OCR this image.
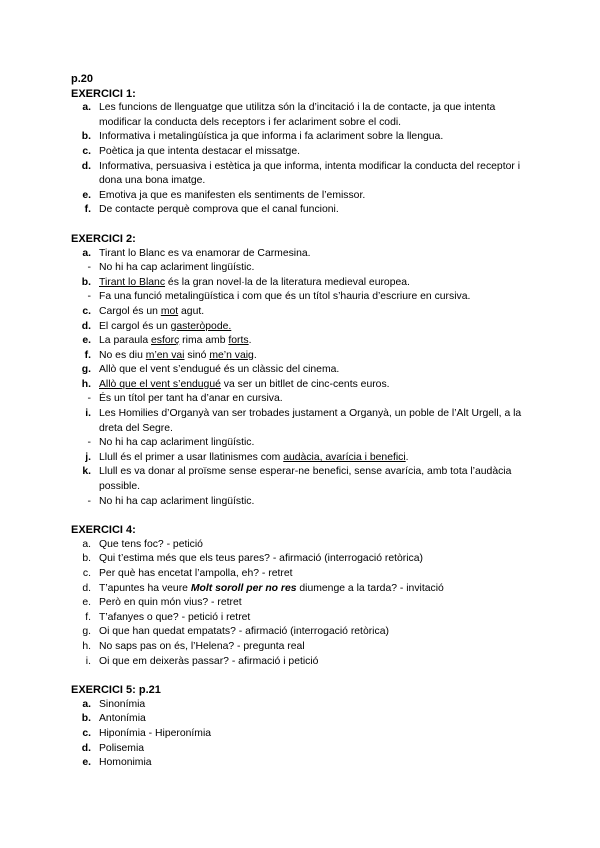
p.20
EXERCICI 1:
a. Les funcions de llenguatge que utilitza són la d’incitació i la de contacte, ja que intenta modificar la conducta dels receptors i fer aclariment sobre el codi.
b. Informativa i metalingüística ja que informa i fa aclariment sobre la llengua.
c. Poètica ja que intenta destacar el missatge.
d. Informativa, persuasiva i estètica ja que informa, intenta modificar la conducta del receptor i dona una bona imatge.
e. Emotiva ja que es manifesten els sentiments de l’emissor.
f. De contacte perquè comprova que el canal funcioni.
EXERCICI 2:
a. Tirant lo Blanc es va enamorar de Carmesina.
- No hi ha cap aclariment lingüístic.
b. Tirant lo Blanc és la gran novel·la de la literatura medieval europea.
- Fa una funció metalingüística i com que és un títol s’hauria d’escriure en cursiva.
c. Cargol és un mot agut.
d. El cargol és un gasteròpode.
e. La paraula esforç rima amb forts.
f. No es diu m’en vai sinó me’n vaig.
g. Allò que el vent s’endugué és un clàssic del cinema.
h. Allò que el vent s’endugué va ser un bitllet de cinc-cents euros.
- És un títol per tant ha d’anar en cursiva.
i. Les Homilies d’Organyà van ser trobades justament a Organyà, un poble de l’Alt Urgell, a la dreta del Segre.
- No hi ha cap aclariment lingüístic.
j. Llull és el primer a usar llatinismes com audàcia, avarícia i benefici.
k. Llull es va donar al proïsme sense esperar-ne benefici, sense avarícia, amb tota l’audàcia possible.
- No hi ha cap aclariment lingüístic.
EXERCICI 4:
a. Que tens foc? - petició
b. Qui t’estima més que els teus pares? - afirmació (interrogació retòrica)
c. Per què has encetat l’ampolla, eh? - retret
d. T’apuntes ha veure Molt soroll per no res diumenge a la tarda? - invitació
e. Però en quin món vius? - retret
f. T’afanyes o que? - petició i retret
g. Oi que han quedat empatats? - afirmació (interrogació retòrica)
h. No saps pas on és, l’Helena? - pregunta real
i. Oi que em deixeràs passar? - afirmació i petició
EXERCICI 5: p.21
a. Sinonímia
b. Antonímia
c. Hiponímia - Hiperonímia
d. Polisemia
e. Homonimia
